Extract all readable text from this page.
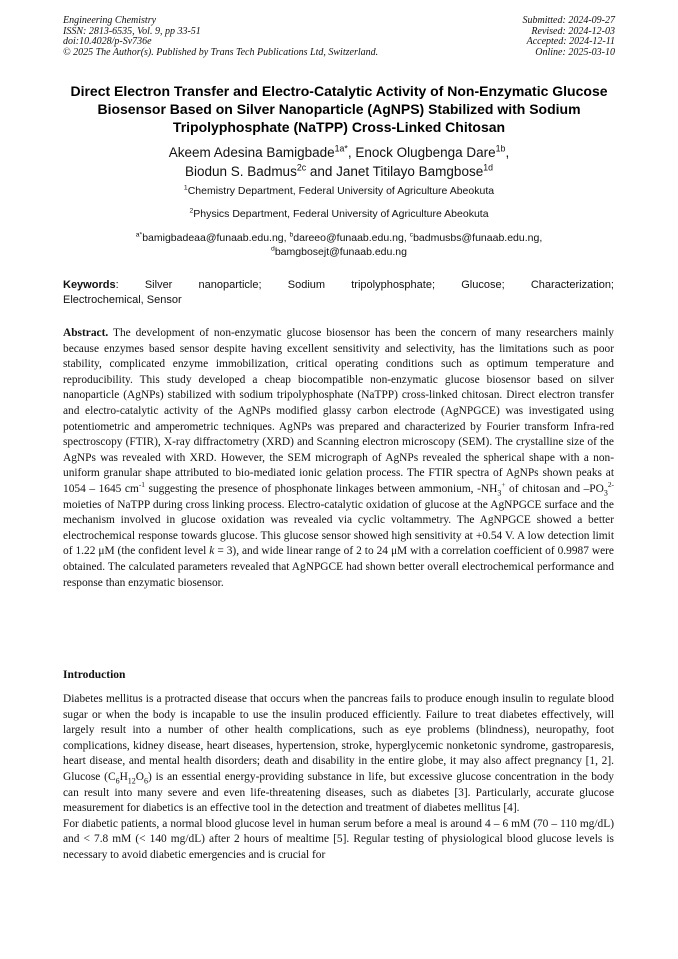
Engineering Chemistry
ISSN: 2813-6535, Vol. 9, pp 33-51
doi:10.4028/p-Sv736e
© 2025 The Author(s). Published by Trans Tech Publications Ltd, Switzerland.
Submitted: 2024-09-27
Revised: 2024-12-03
Accepted: 2024-12-11
Online: 2025-03-10
Direct Electron Transfer and Electro-Catalytic Activity of Non-Enzymatic Glucose Biosensor Based on Silver Nanoparticle (AgNPS) Stabilized with Sodium Tripolyphosphate (NaTPP) Cross-Linked Chitosan
Akeem Adesina Bamigbade$^{1a*}$, Enock Olugbenga Dare$^{1b}$,
Biodun S. Badmus$^{2c}$ and Janet Titilayo Bamgbose$^{1d}$
$^1$Chemistry Department, Federal University of Agriculture Abeokuta
$^2$Physics Department, Federal University of Agriculture Abeokuta
$^{a*}$bamigbadeaa@funaab.edu.ng, $^b$dareeo@funaab.edu.ng, $^c$badmusbs@funaab.edu.ng,
$^d$bamgbosejt@funaab.edu.ng
Keywords: Silver nanoparticle; Sodium tripolyphosphate; Glucose; Characterization;
Electrochemical, Sensor
Abstract. The development of non-enzymatic glucose biosensor has been the concern of many researchers mainly because enzymes based sensor despite having excellent sensitivity and selectivity, has the limitations such as poor stability, complicated enzyme immobilization, critical operating conditions such as optimum temperature and reproducibility. This study developed a cheap biocompatible non-enzymatic glucose biosensor based on silver nanoparticle (AgNPs) stabilized with sodium tripolyphosphate (NaTPP) cross-linked chitosan. Direct electron transfer and electro-catalytic activity of the AgNPs modified glassy carbon electrode (AgNPGCE) was investigated using potentiometric and amperometric techniques. AgNPs was prepared and characterized by Fourier transform Infra-red spectroscopy (FTIR), X-ray diffractometry (XRD) and Scanning electron microscopy (SEM). The crystalline size of the AgNPs was revealed with XRD. However, the SEM micrograph of AgNPs revealed the spherical shape with a non-uniform granular shape attributed to bio-mediated ionic gelation process. The FTIR spectra of AgNPs shown peaks at 1054 – 1645 $cm^{-1}$ suggesting the presence of phosphonate linkages between ammonium, $-NH_3^+$ of chitosan and $-PO_3^{2-}$ moieties of NaTPP during cross linking process. Electro-catalytic oxidation of glucose at the AgNPGCE surface and the mechanism involved in glucose oxidation was revealed via cyclic voltammetry. The AgNPGCE showed a better electrochemical response towards glucose. This glucose sensor showed high sensitivity at +0.54 V. A low detection limit of 1.22 μM (the confident level k = 3), and wide linear range of 2 to 24 μM with a correlation coefficient of 0.9987 were obtained. The calculated parameters revealed that AgNPGCE had shown better overall electrochemical performance and response than enzymatic biosensor.
Introduction

Diabetes mellitus is a protracted disease that occurs when the pancreas fails to produce enough insulin to regulate blood sugar or when the body is incapable to use the insulin produced efficiently. Failure to treat diabetes effectively, will largely result into a number of other health complications, such as eye problems (blindness), neuropathy, foot complications, kidney disease, heart diseases, hypertension, stroke, hyperglycemic nonketonic syndrome, gastroparesis, heart disease, and mental health disorders; death and disability in the entire globe, it may also affect pregnancy [1, 2]. Glucose $(C_6H_{12}O_6)$ is an essential energy-providing substance in life, but excessive glucose concentration in the body can result into many severe and even life-threatening diseases, such as diabetes [3]. Particularly, accurate glucose measurement for diabetics is an effective tool in the detection and treatment of diabetes mellitus [4].

For diabetic patients, a normal blood glucose level in human serum before a meal is around 4 – 6 mM (70 – 110 mg/dL) and < 7.8 mM (< 140 mg/dL) after 2 hours of mealtime [5]. Regular testing of physiological blood glucose levels is necessary to avoid diabetic emergencies and is crucial for
